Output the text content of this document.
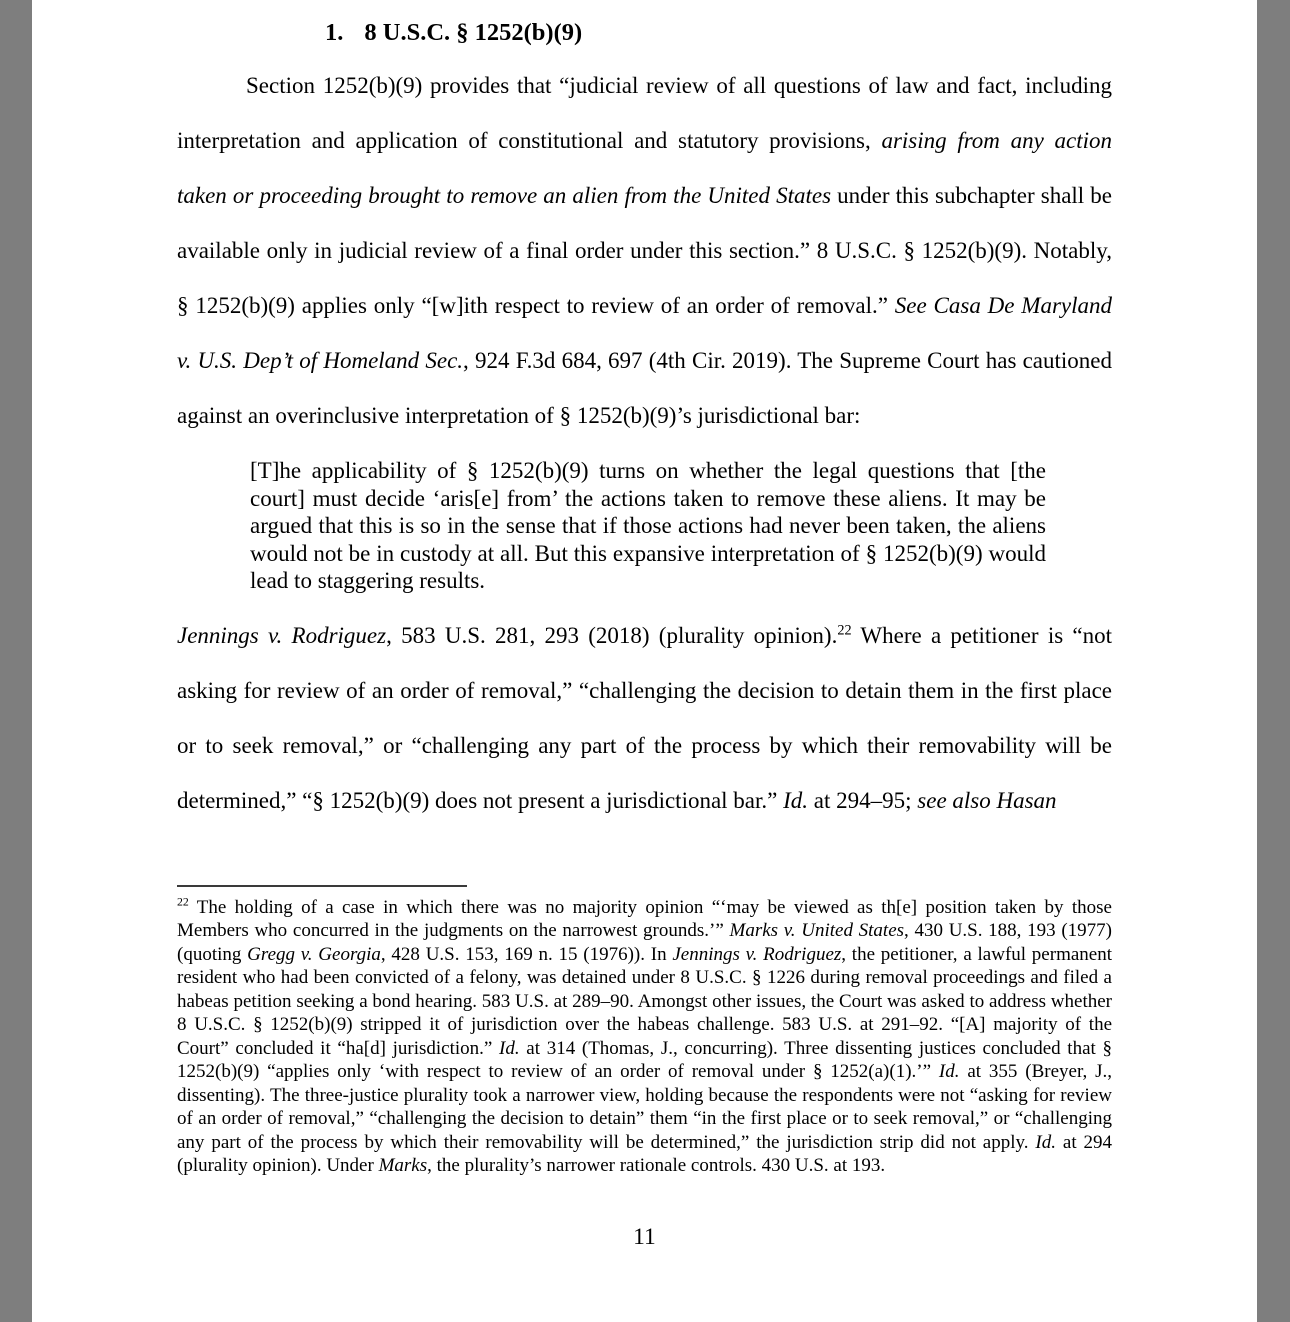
1. 8 U.S.C. § 1252(b)(9)

Section 1252(b)(9) provides that “judicial review of all questions of law and fact, including interpretation and application of constitutional and statutory provisions, arising from any action taken or proceeding brought to remove an alien from the United States under this subchapter shall be available only in judicial review of a final order under this section.” 8 U.S.C. § 1252(b)(9). Notably, § 1252(b)(9) applies only “[w]ith respect to review of an order of removal.” See Casa De Maryland v. U.S. Dep’t of Homeland Sec., 924 F.3d 684, 697 (4th Cir. 2019). The Supreme Court has cautioned against an overinclusive interpretation of § 1252(b)(9)’s jurisdictional bar:

[T]he applicability of § 1252(b)(9) turns on whether the legal questions that [the court] must decide ‘aris[e] from’ the actions taken to remove these aliens. It may be argued that this is so in the sense that if those actions had never been taken, the aliens would not be in custody at all. But this expansive interpretation of § 1252(b)(9) would lead to staggering results.

Jennings v. Rodriguez, 583 U.S. 281, 293 (2018) (plurality opinion).$^{22}$ Where a petitioner is “not asking for review of an order of removal,” “challenging the decision to detain them in the first place or to seek removal,” or “challenging any part of the process by which their removability will be determined,” “§ 1252(b)(9) does not present a jurisdictional bar.” Id. at 294–95; see also Hasan

$^{22}$ The holding of a case in which there was no majority opinion “‘may be viewed as th[e] position taken by those Members who concurred in the judgments on the narrowest grounds.’” Marks v. United States, 430 U.S. 188, 193 (1977) (quoting Gregg v. Georgia, 428 U.S. 153, 169 n. 15 (1976)). In Jennings v. Rodriguez, the petitioner, a lawful permanent resident who had been convicted of a felony, was detained under 8 U.S.C. § 1226 during removal proceedings and filed a habeas petition seeking a bond hearing. 583 U.S. at 289–90. Amongst other issues, the Court was asked to address whether 8 U.S.C. § 1252(b)(9) stripped it of jurisdiction over the habeas challenge. 583 U.S. at 291–92. “[A] majority of the Court” concluded it “ha[d] jurisdiction.” Id. at 314 (Thomas, J., concurring). Three dissenting justices concluded that § 1252(b)(9) “applies only ‘with respect to review of an order of removal under § 1252(a)(1).’” Id. at 355 (Breyer, J., dissenting). The three-justice plurality took a narrower view, holding because the respondents were not “asking for review of an order of removal,” “challenging the decision to detain” them “in the first place or to seek removal,” or “challenging any part of the process by which their removability will be determined,” the jurisdiction strip did not apply. Id. at 294 (plurality opinion). Under Marks, the plurality’s narrower rationale controls. 430 U.S. at 193.

11
